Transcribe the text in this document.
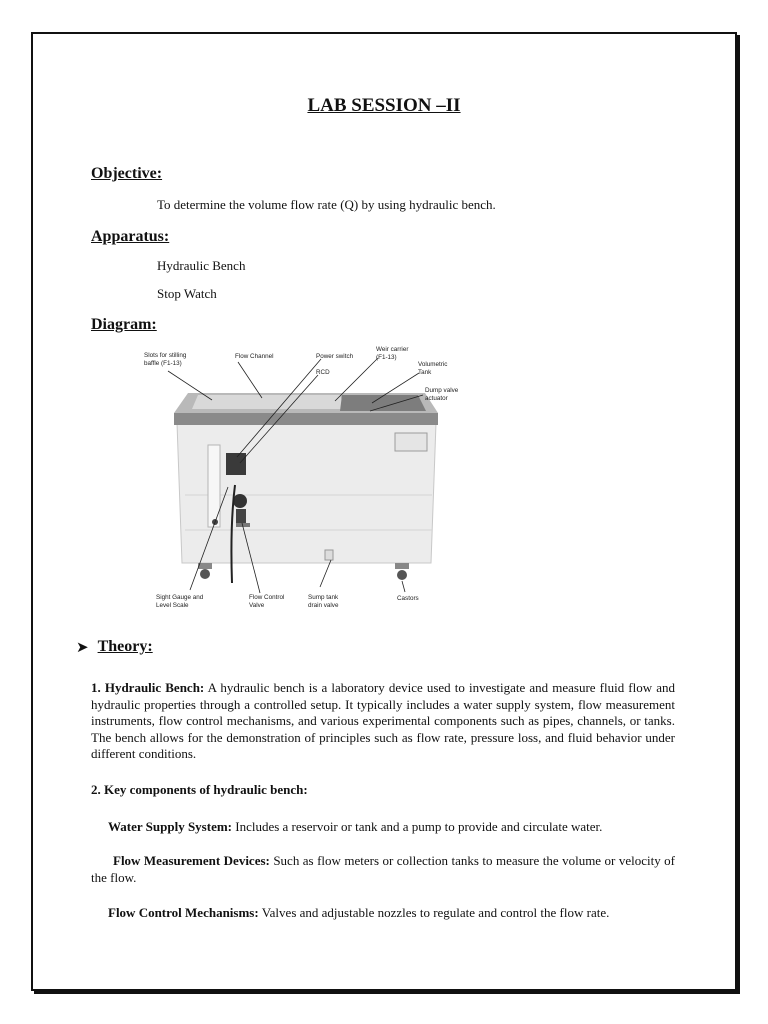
LAB SESSION –II
Objective:
To determine the volume flow rate (Q) by using hydraulic bench.
Apparatus:
Hydraulic Bench
Stop Watch
Diagram:
Slots for stilling
baffle (F1-13)
Flow Channel	Power switch
RCD
Weir carrier
(F1-13)
Volumetric
Tank
Dump valve
actuator
Sight Gauge and
Level Scale
Flow Control
Valve
Sump tank
drain valve
Castors
➤ Theory:
1. Hydraulic Bench: A hydraulic bench is a laboratory device used to investigate and measure fluid flow and hydraulic properties through a controlled setup. It typically includes a water supply system, flow measurement instruments, flow control mechanisms, and various experimental components such as pipes, channels, or tanks. The bench allows for the demonstration of principles such as flow rate, pressure loss, and fluid behavior under different conditions.
2. Key components of hydraulic bench:
Water Supply System: Includes a reservoir or tank and a pump to provide and circulate water.
Flow Measurement Devices: Such as flow meters or collection tanks to measure the volume or velocity of the flow.
Flow Control Mechanisms: Valves and adjustable nozzles to regulate and control the flow rate.
